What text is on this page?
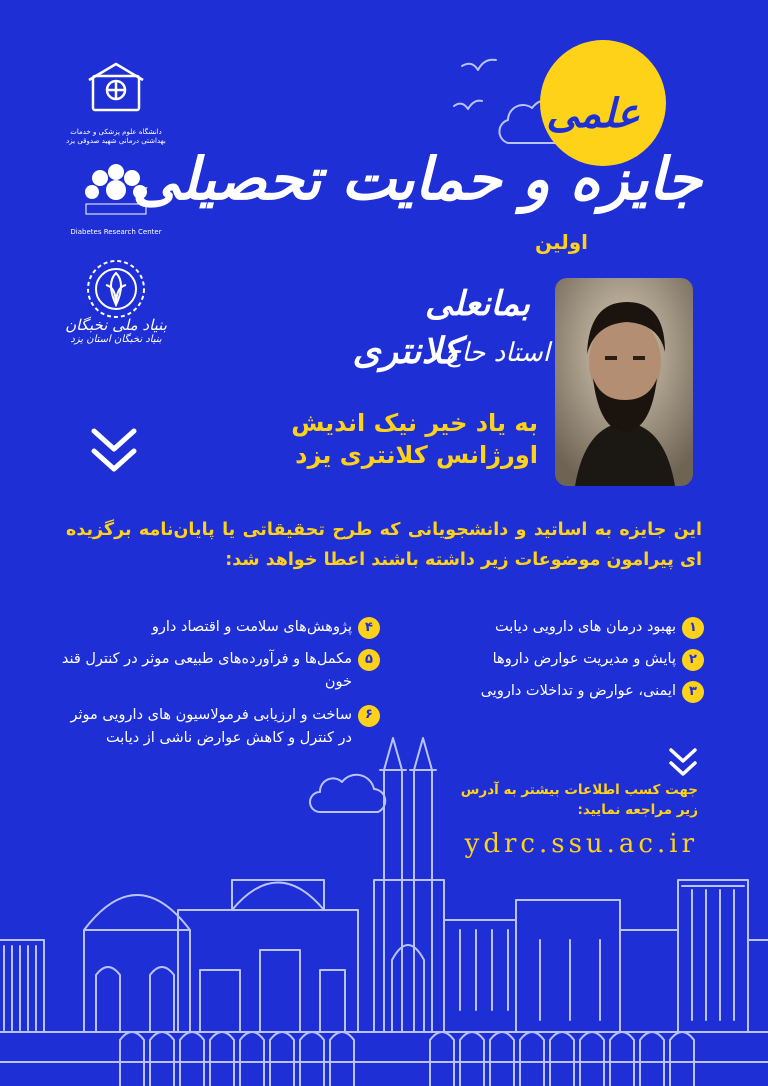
دانشگاه علوم پزشکی و خدمات بهداشتی درمانی شهید صدوقی یزد
Diabetes Research Center
بنیاد ملی نخبگان
بنیاد نخبگان استان یزد
علمی
جایزه و حمایت تحصیلی
اولین
بمانعلی
کلانتری
استاد حاج
به یاد خیر نیک اندیش
اورژانس کلانتری یزد
این جایزه به اساتید و دانشجویانی که طرح تحقیقاتی یا پایان‌نامه برگزیده ای پیرامون موضوعات زیر داشته باشند اعطا خواهد شد:
۱
بهبود درمان های دارویی دیابت
۲
پایش و مدیریت عوارض داروها
۳
ایمنی، عوارض و تداخلات دارویی
۴
پژوهش‌های سلامت و اقتصاد دارو
۵
مکمل‌ها و فرآورده‌های طبیعی موثر در کنترل قند خون
۶
ساخت و ارزیابی فرمولاسیون های دارویی موثر در کنترل و کاهش عوارض ناشی از دیابت
جهت کسب اطلاعات بیشتر به آدرس
زیر مراجعه نمایید:
ydrc.ssu.ac.ir
